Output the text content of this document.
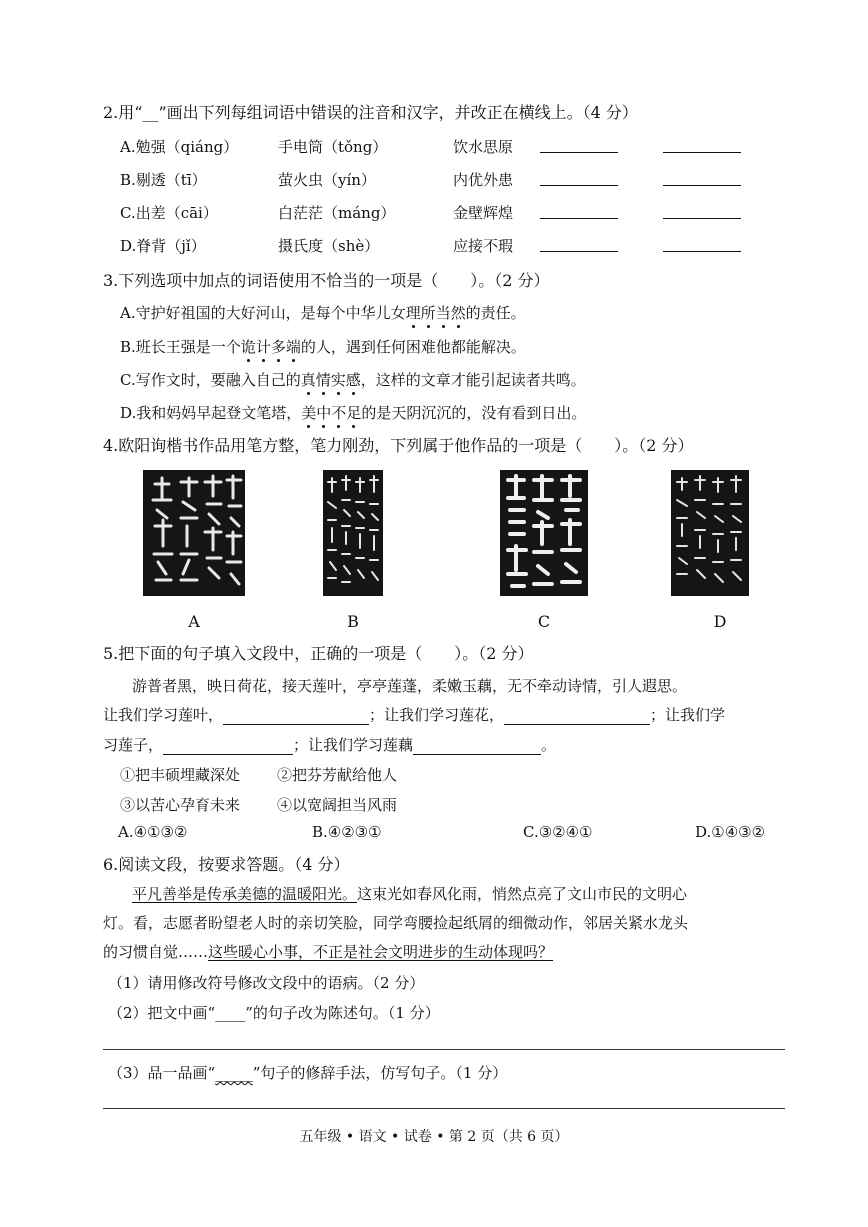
2.用“__”画出下列每组词语中错误的注音和汉字，并改正在横线上。（4 分）
A.勉强（qiáng）	手电筒（tǒng）	饮水思原
B.剔透（tī）	萤火虫（yín）	内优外患
C.出差（cāi）	白茫茫（máng）	金壁辉煌
D.脊背（jǐ）	摄氏度（shè）	应接不瑕
3.下列选项中加点的词语使用不恰当的一项是（　　）。（2 分）
A.守护好祖国的大好河山，是每个中华儿女理所当然的责任。
B.班长王强是一个诡计多端的人，遇到任何困难他都能解决。
C.写作文时，要融入自己的真情实感，这样的文章才能引起读者共鸣。
D.我和妈妈早起登文笔塔，美中不足的是天阴沉沉的，没有看到日出。
4.欧阳询楷书作品用笔方整，笔力刚劲，下列属于他作品的一项是（　　）。（2 分）
A	B	C	D
5.把下面的句子填入文段中，正确的一项是（　　）。（2 分）
游普者黑，映日荷花，接天莲叶，亭亭莲蓬，柔嫩玉藕，无不牵动诗情，引人遐思。
让我们学习莲叶，	；让我们学习莲花，	；让我们学
习莲子，	；让我们学习莲藕	。
①把丰硕埋藏深处 ②把芬芳献给他人
③以苦心孕育未来 ④以宽阔担当风雨
A.④①③②	B.④②③①	C.③②④①	D.①④③②
6.阅读文段，按要求答题。（4 分）
平凡善举是传承美德的温暖阳光。这束光如春风化雨，悄然点亮了文山市民的文明心
灯。看，志愿者盼望老人时的亲切笑脸，同学弯腰捡起纸屑的细微动作，邻居关紧水龙头
的习惯自觉……这些暖心小事，不正是社会文明进步的生动体现吗？
（1）请用修改符号修改文段中的语病。（2 分）
（2）把文中画“____”的句子改为陈述句。（1 分）
（3）品一品画“_____”句子的修辞手法，仿写句子。（1 分）
五年级 • 语文 • 试卷 • 第 2 页（共 6 页）
